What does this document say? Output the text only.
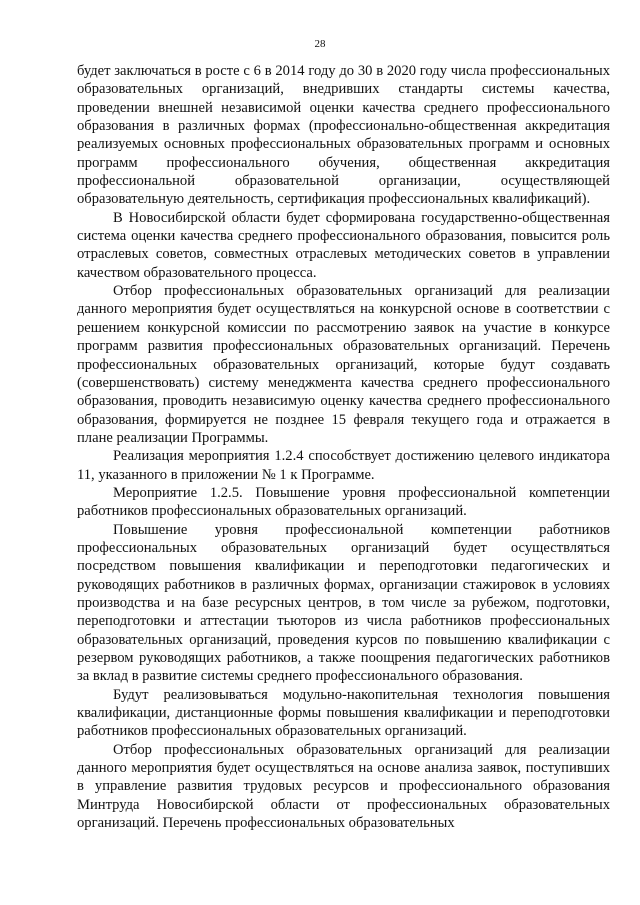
28

будет заключаться в росте с 6 в 2014 году до 30 в 2020 году числа профессиональных образовательных организаций, внедривших стандарты системы качества, проведении внешней независимой оценки качества среднего профессионального образования в различных формах (профессионально-общественная аккредитация реализуемых основных профессиональных образовательных программ и основных программ профессионального обучения, общественная аккредитация профессиональной образовательной организации, осуществляющей образовательную деятельность, сертификация профессиональных квалификаций).

В Новосибирской области будет сформирована государственно-общественная система оценки качества среднего профессионального образования, повысится роль отраслевых советов, совместных отраслевых методических советов в управлении качеством образовательного процесса.

Отбор профессиональных образовательных организаций для реализации данного мероприятия будет осуществляться на конкурсной основе в соответствии с решением конкурсной комиссии по рассмотрению заявок на участие в конкурсе программ развития профессиональных образовательных организаций. Перечень профессиональных образовательных организаций, которые будут создавать (совершенствовать) систему менеджмента качества среднего профессионального образования, проводить независимую оценку качества среднего профессионального образования, формируется не позднее 15 февраля текущего года и отражается в плане реализации Программы.

Реализация мероприятия 1.2.4 способствует достижению целевого индикатора 11, указанного в приложении № 1 к Программе.

Мероприятие 1.2.5. Повышение уровня профессиональной компетенции работников профессиональных образовательных организаций.

Повышение уровня профессиональной компетенции работников профессиональных образовательных организаций будет осуществляться посредством повышения квалификации и переподготовки педагогических и руководящих работников в различных формах, организации стажировок в условиях производства и на базе ресурсных центров, в том числе за рубежом, подготовки, переподготовки и аттестации тьюторов из числа работников профессиональных образовательных организаций, проведения курсов по повышению квалификации с резервом руководящих работников, а также поощрения педагогических работников за вклад в развитие системы среднего профессионального образования.

Будут реализовываться модульно-накопительная технология повышения квалификации, дистанционные формы повышения квалификации и переподготовки работников профессиональных образовательных организаций.

Отбор профессиональных образовательных организаций для реализации данного мероприятия будет осуществляться на основе анализа заявок, поступивших в управление развития трудовых ресурсов и профессионального образования Минтруда Новосибирской области от профессиональных образовательных организаций. Перечень профессиональных образовательных
